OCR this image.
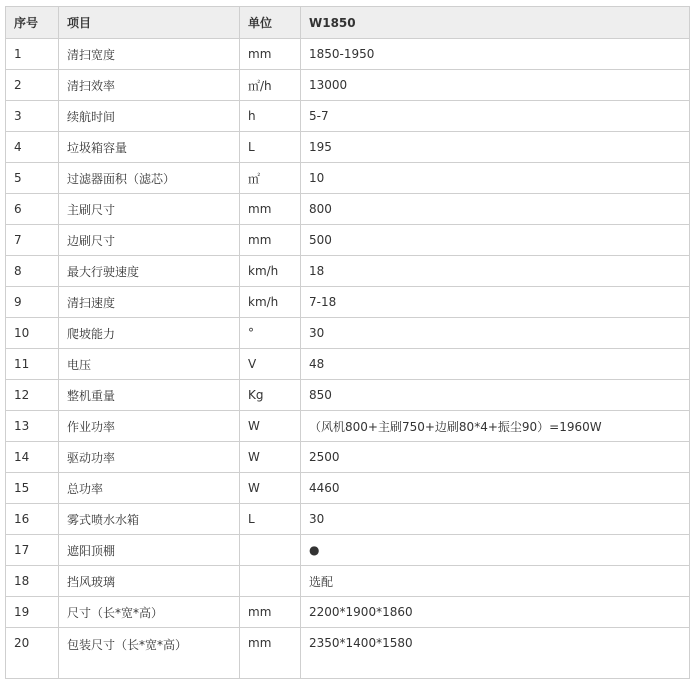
序号	项目	单位	W1850
1	清扫宽度	mm	1850-1950
2	清扫效率	㎡/h	13000
3	续航时间	h	5-7
4	垃圾箱容量	L	195
5	过滤器面积（滤芯）	㎡	10
6	主刷尺寸	mm	800
7	边刷尺寸	mm	500
8	最大行驶速度	km/h	18
9	清扫速度	km/h	7-18
10	爬坡能力	°	30
11	电压	V	48
12	整机重量	Kg	850
13	作业功率	W	（风机800+主刷750+边刷80*4+振尘90）=1960W
14	驱动功率	W	2500
15	总功率	W	4460
16	雾式喷水水箱	L	30
17	遮阳顶棚		●
18	挡风玻璃		选配
19	尺寸（长*宽*高）	mm	2200*1900*1860
20	包装尺寸（长*宽*高）	mm	2350*1400*1580
